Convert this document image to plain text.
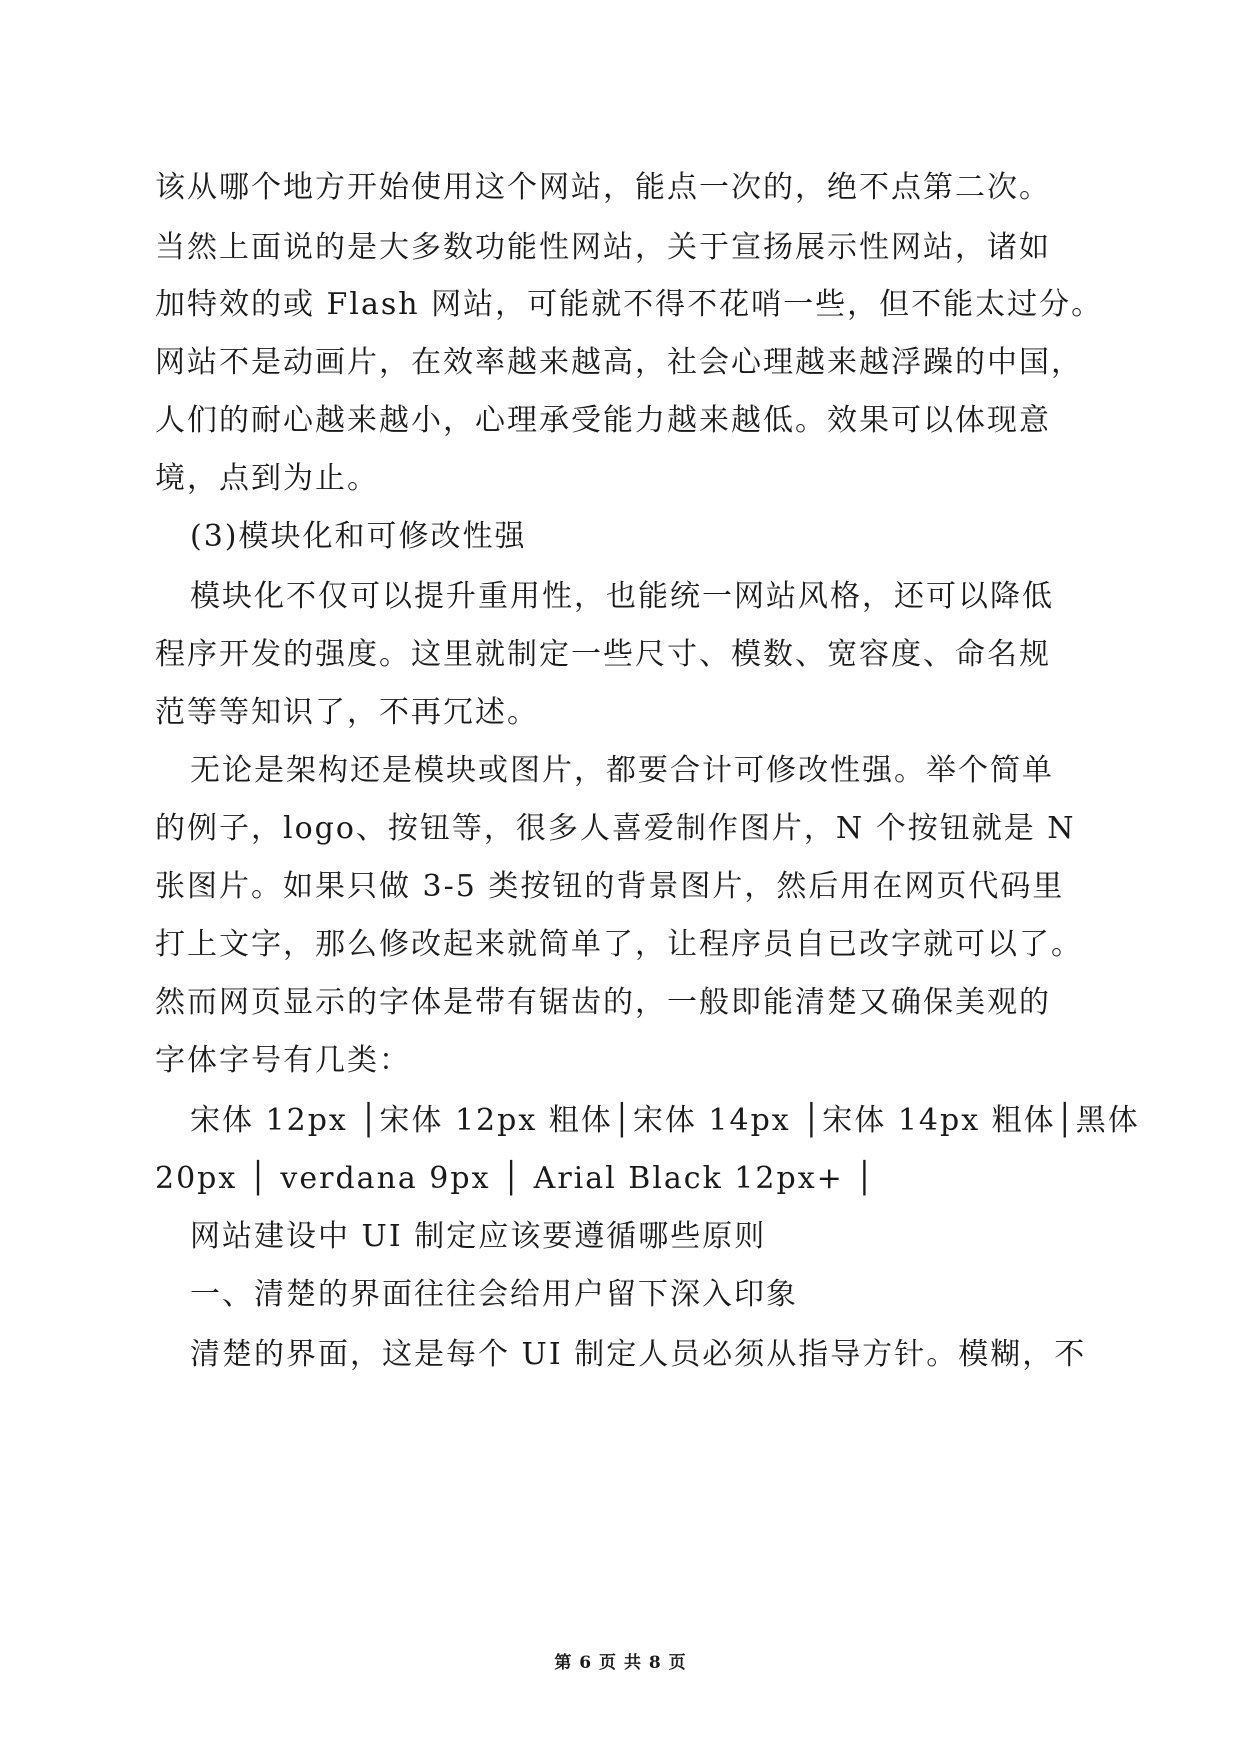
该从哪个地方开始使用这个网站，能点一次的，绝不点第二次。
当然上面说的是大多数功能性网站，关于宣扬展示性网站，诸如
加特效的或 Flash 网站，可能就不得不花哨一些，但不能太过分。
网站不是动画片，在效率越来越高，社会心理越来越浮躁的中国，
人们的耐心越来越小，心理承受能力越来越低。效果可以体现意
境，点到为止。
(3)模块化和可修改性强
模块化不仅可以提升重用性，也能统一网站风格，还可以降低
程序开发的强度。这里就制定一些尺寸、模数、宽容度、命名规
范等等知识了，不再冗述。
无论是架构还是模块或图片，都要合计可修改性强。举个简单
的例子，logo、按钮等，很多人喜爱制作图片，N 个按钮就是 N
张图片。如果只做 3-5 类按钮的背景图片，然后用在网页代码里
打上文字，那么修改起来就简单了，让程序员自已改字就可以了。
然而网页显示的字体是带有锯齿的，一般即能清楚又确保美观的
字体字号有几类：
宋体 12px │宋体 12px 粗体│宋体 14px │宋体 14px 粗体│黑体
20px │ verdana 9px │ Arial Black 12px+ │
网站建设中 UI 制定应该要遵循哪些原则
一、清楚的界面往往会给用户留下深入印象
清楚的界面，这是每个 UI 制定人员必须从指导方针。模糊，不
第 6 页 共 8 页
